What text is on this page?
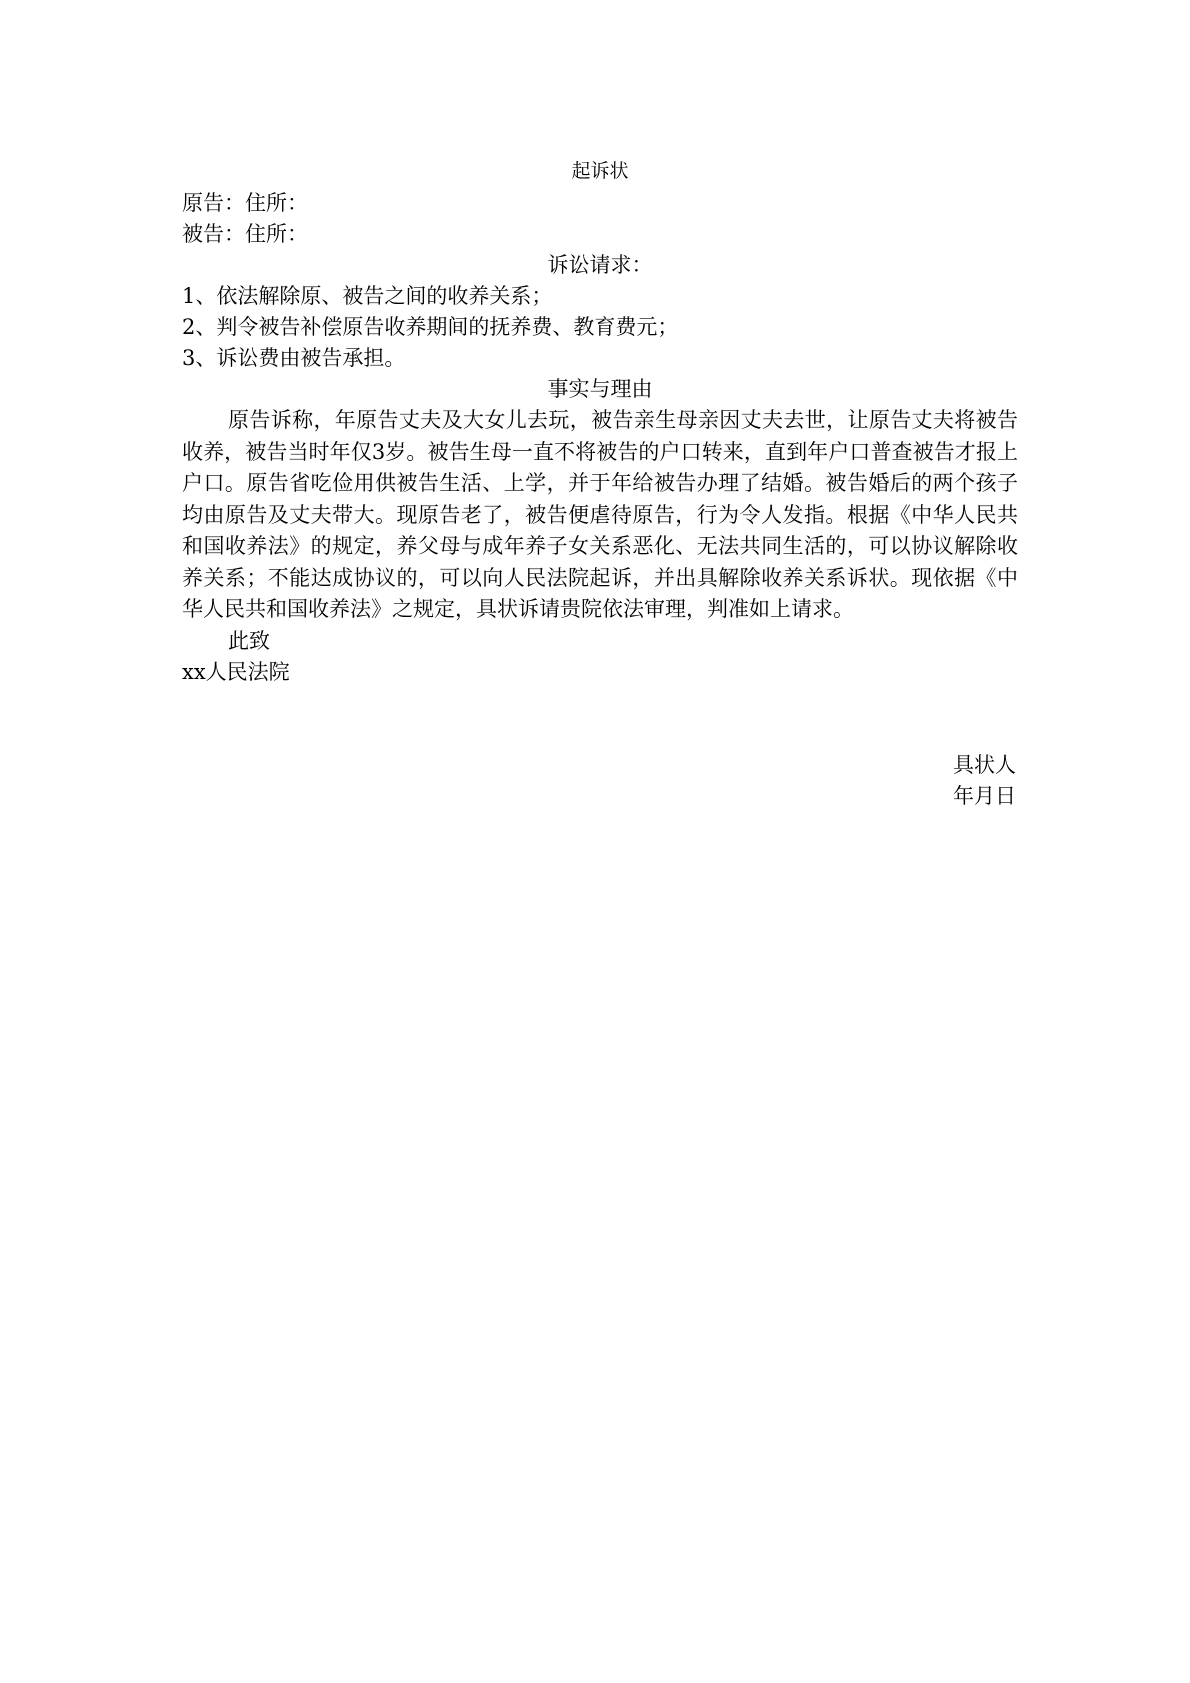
起诉状
原告：住所：
被告：住所：
诉讼请求：
1、依法解除原、被告之间的收养关系；
2、判令被告补偿原告收养期间的抚养费、教育费元；
3、诉讼费由被告承担。
事实与理由

原告诉称，年原告丈夫及大女儿去玩，被告亲生母亲因丈夫去世，让原告丈夫将被告收养，被告当时年仅3岁。被告生母一直不将被告的户口转来，直到年户口普查被告才报上户口。原告省吃俭用供被告生活、上学，并于年给被告办理了结婚。被告婚后的两个孩子均由原告及丈夫带大。现原告老了，被告便虐待原告，行为令人发指。根据《中华人民共和国收养法》的规定，养父母与成年养子女关系恶化、无法共同生活的，可以协议解除收养关系；不能达成协议的，可以向人民法院起诉，并出具解除收养关系诉状。现依据《中华人民共和国收养法》之规定，具状诉请贵院依法审理，判准如上请求。

此致
xx人民法院
具状人
年月日
